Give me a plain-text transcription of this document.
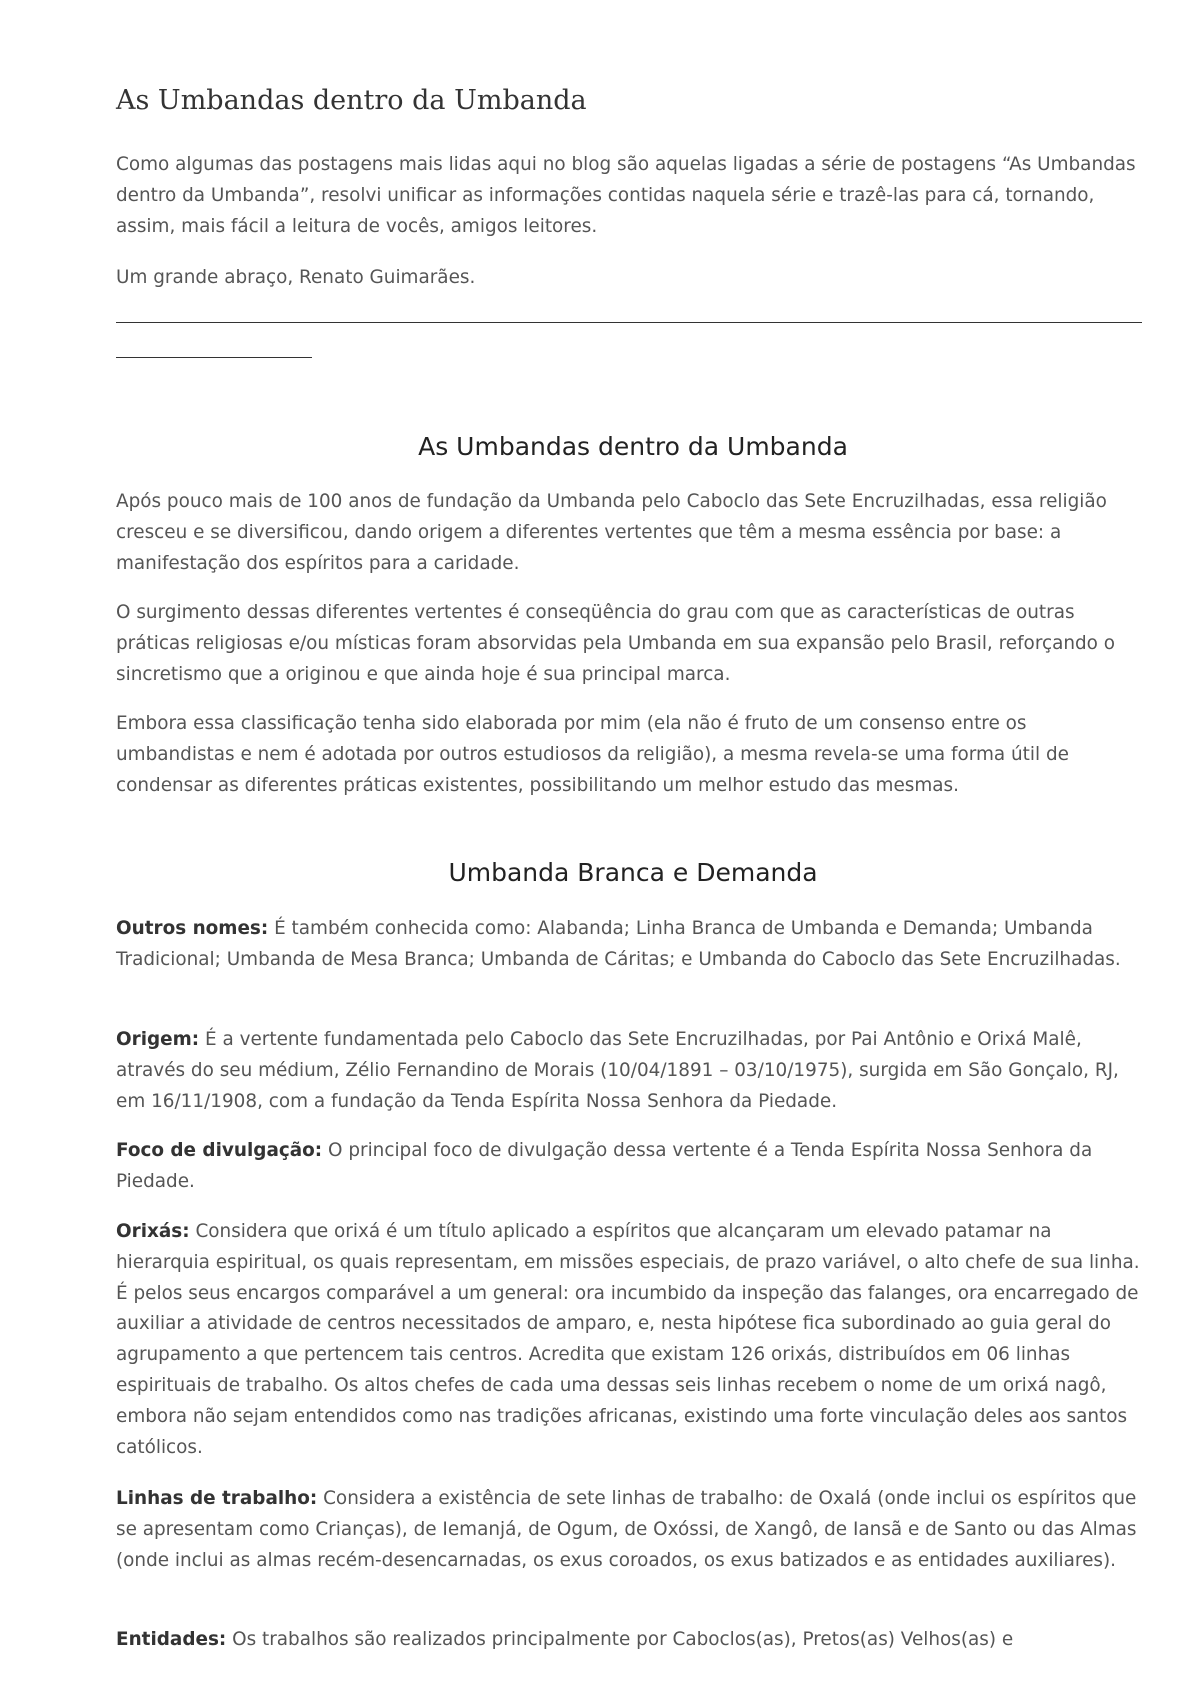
As Umbandas dentro da Umbanda

Como algumas das postagens mais lidas aqui no blog são aquelas ligadas a série de postagens “As Umbandas dentro da Umbanda”, resolvi unificar as informações contidas naquela série e trazê-las para cá, tornando, assim, mais fácil a leitura de vocês, amigos leitores.

Um grande abraço, Renato Guimarães.

As Umbandas dentro da Umbanda

Após pouco mais de 100 anos de fundação da Umbanda pelo Caboclo das Sete Encruzilhadas, essa religião cresceu e se diversificou, dando origem a diferentes vertentes que têm a mesma essência por base: a manifestação dos espíritos para a caridade.

O surgimento dessas diferentes vertentes é conseqüência do grau com que as características de outras práticas religiosas e/ou místicas foram absorvidas pela Umbanda em sua expansão pelo Brasil, reforçando o sincretismo que a originou e que ainda hoje é sua principal marca.

Embora essa classificação tenha sido elaborada por mim (ela não é fruto de um consenso entre os umbandistas e nem é adotada por outros estudiosos da religião), a mesma revela-se uma forma útil de condensar as diferentes práticas existentes, possibilitando um melhor estudo das mesmas.

Umbanda Branca e Demanda

Outros nomes: É também conhecida como: Alabanda; Linha Branca de Umbanda e Demanda; Umbanda Tradicional; Umbanda de Mesa Branca; Umbanda de Cáritas; e Umbanda do Caboclo das Sete Encruzilhadas.

Origem: É a vertente fundamentada pelo Caboclo das Sete Encruzilhadas, por Pai Antônio e Orixá Malê, através do seu médium, Zélio Fernandino de Morais (10/04/1891 – 03/10/1975), surgida em São Gonçalo, RJ, em 16/11/1908, com a fundação da Tenda Espírita Nossa Senhora da Piedade.

Foco de divulgação: O principal foco de divulgação dessa vertente é a Tenda Espírita Nossa Senhora da Piedade.

Orixás: Considera que orixá é um título aplicado a espíritos que alcançaram um elevado patamar na hierarquia espiritual, os quais representam, em missões especiais, de prazo variável, o alto chefe de sua linha. É pelos seus encargos comparável a um general: ora incumbido da inspeção das falanges, ora encarregado de auxiliar a atividade de centros necessitados de amparo, e, nesta hipótese fica subordinado ao guia geral do agrupamento a que pertencem tais centros. Acredita que existam 126 orixás, distribuídos em 06 linhas espirituais de trabalho. Os altos chefes de cada uma dessas seis linhas recebem o nome de um orixá nagô, embora não sejam entendidos como nas tradições africanas, existindo uma forte vinculação deles aos santos católicos.

Linhas de trabalho: Considera a existência de sete linhas de trabalho: de Oxalá (onde inclui os espíritos que se apresentam como Crianças), de Iemanjá, de Ogum, de Oxóssi, de Xangô, de Iansã e de Santo ou das Almas (onde inclui as almas recém-desencarnadas, os exus coroados, os exus batizados e as entidades auxiliares).

Entidades: Os trabalhos são realizados principalmente por Caboclos(as), Pretos(as) Velhos(as) e
